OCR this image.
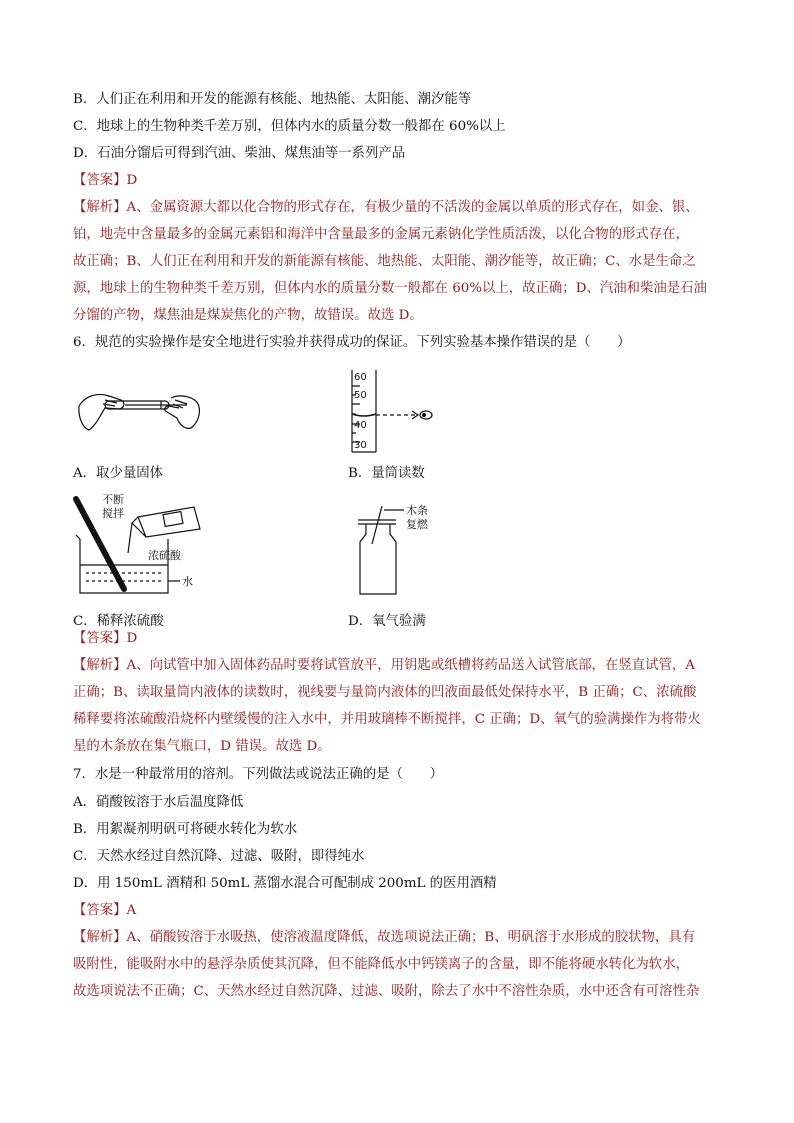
B．人们正在利用和开发的能源有核能、地热能、太阳能、潮汐能等
C．地球上的生物种类千差万别，但体内水的质量分数一般都在 60%以上
D．石油分馏后可得到汽油、柴油、煤焦油等一系列产品
【答案】D
【解析】A、金属资源大都以化合物的形式存在，有极少量的不活泼的金属以单质的形式存在，如金、银、
铂，地壳中含量最多的金属元素铝和海洋中含量最多的金属元素钠化学性质活泼，以化合物的形式存在，
故正确；B、人们正在利用和开发的新能源有核能、地热能、太阳能、潮汐能等，故正确；C、水是生命之
源，地球上的生物种类千差万别，但体内水的质量分数一般都在 60%以上，故正确；D、汽油和柴油是石油
分馏的产物，煤焦油是煤炭焦化的产物，故错误。故选 D。
6．规范的实验操作是安全地进行实验并获得成功的保证。下列实验基本操作错误的是（　　）
【答案】D
【解析】A、向试管中加入固体药品时要将试管放平，用钥匙或纸槽将药品送入试管底部，在竖直试管，A
正确；B、读取量筒内液体的读数时，视线要与量筒内液体的凹液面最低处保持水平，B 正确；C、浓硫酸
稀释要将浓硫酸沿烧杯内壁缓慢的注入水中，并用玻璃棒不断搅拌，C 正确；D、氧气的验满操作为将带火
星的木条放在集气瓶口，D 错误。故选 D。
7．水是一种最常用的溶剂。下列做法或说法正确的是（　　）
A．硝酸铵溶于水后温度降低
B．用絮凝剂明矾可将硬水转化为软水
C．天然水经过自然沉降、过滤、吸附，即得纯水
D．用 150mL 酒精和 50mL 蒸馏水混合可配制成 200mL 的医用酒精
【答案】A
【解析】A、硝酸铵溶于水吸热，使溶液温度降低，故选项说法正确；B、明矾溶于水形成的胶状物，具有
吸附性，能吸附水中的悬浮杂质使其沉降，但不能降低水中钙镁离子的含量，即不能将硬水转化为软水，
故选项说法不正确；C、天然水经过自然沉降、过滤、吸附，除去了水中不溶性杂质，水中还含有可溶性杂
A．取少量固体
60
50
40
30
B．量筒读数
不断
搅拌
浓硫酸
水
C．稀释浓硫酸
木条
复燃
D．氧气验满
